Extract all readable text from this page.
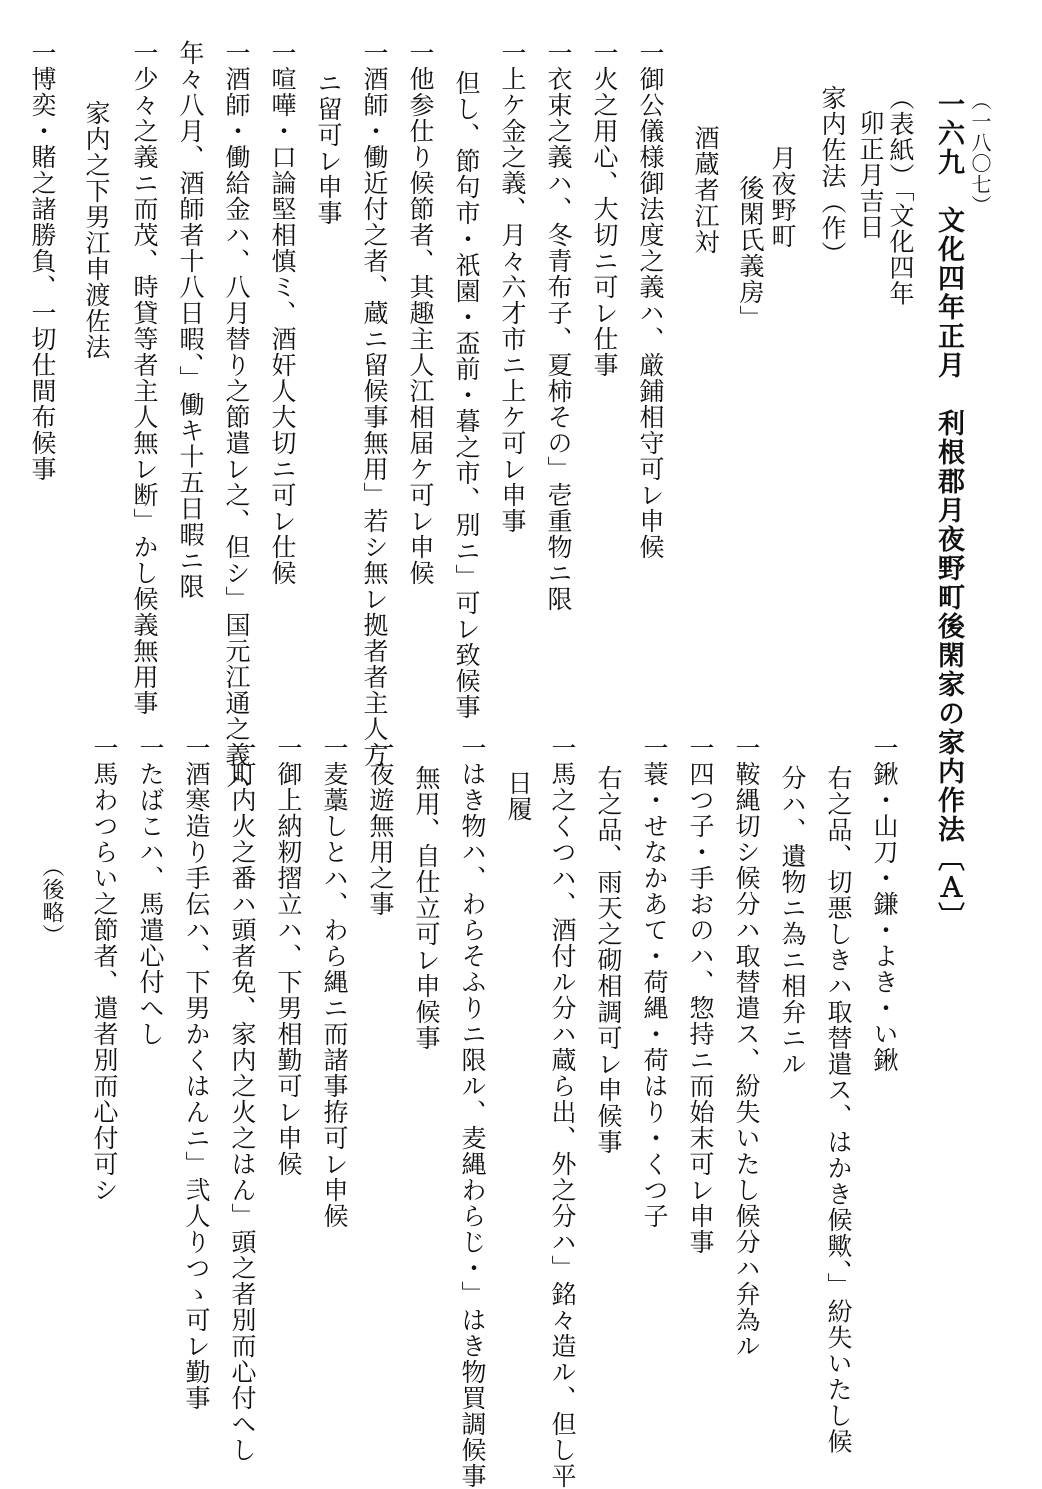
（一八〇七）
一六九　文化四年正月　利根郡月夜野町後閑家の家内作法〔Ａ〕
（表紙）「文化四年
卯正月吉日
家内佐法（作）
月夜野町
後閑氏義房」
酒蔵者江対
一御公儀様御法度之義ハ、厳鋪相守可レ申候
一火之用心、大切ニ可レ仕事
一衣束之義ハ、冬青布子、夏柿その」壱重物ニ限
一上ケ金之義、月々六才市ニ上ケ可レ申事
但し、節句市・祇園・盃前・暮之市、別ニ」可レ致候事
一他参仕り候節者、其趣主人江相届ケ可レ申候
一酒師・働近付之者、蔵ニ留候事無用」若シ無レ拠者者主人方
ニ留可レ申事
一喧嘩・口論堅相慎ミ、酒奸人大切ニ可レ仕候
一酒師・働給金ハ、八月替り之節遣レ之、但シ」国元江通之義ハ
年々八月、酒師者十八日暇、」働キ十五日暇ニ限
一少々之義ニ而茂、時貸等者主人無レ断」かし候義無用事
家内之下男江申渡佐法
一博奕・賭之諸勝負、一切仕間布候事
一鍬・山刀・鎌・よき・い鍬
右之品、切悪しきハ取替遣ス、はかき候歟、」紛失いたし候
分ハ、遺物ニ為ニ相弁ニル
一鞍縄切シ候分ハ取替遣ス、紛失いたし候分ハ弁為ル
一四つ子・手おのハ、惣持ニ而始末可レ申事
一蓑・せなかあて・荷縄・荷はり・くつ子
右之品、雨天之砌相調可レ申候事
一馬之くつハ、酒付ル分ハ蔵ら出、外之分ハ」銘々造ル、但し平
日履
一はき物ハ、わらそふりニ限ル、麦縄わらじ・」はき物買調候事
無用、自仕立可レ申候事
一夜遊無用之事
一麦藁しとハ、わら縄ニ而諸事拵可レ申候
一御上納籾摺立ハ、下男相勤可レ申候
一町内火之番ハ頭者免、家内之火之はん」頭之者別而心付へし
一酒寒造り手伝ハ、下男かくはんニ」弐人りつゝ可レ勤事
一たばこハ、馬遣心付へし
一馬わつらい之節者、遣者別而心付可シ
（後略）
